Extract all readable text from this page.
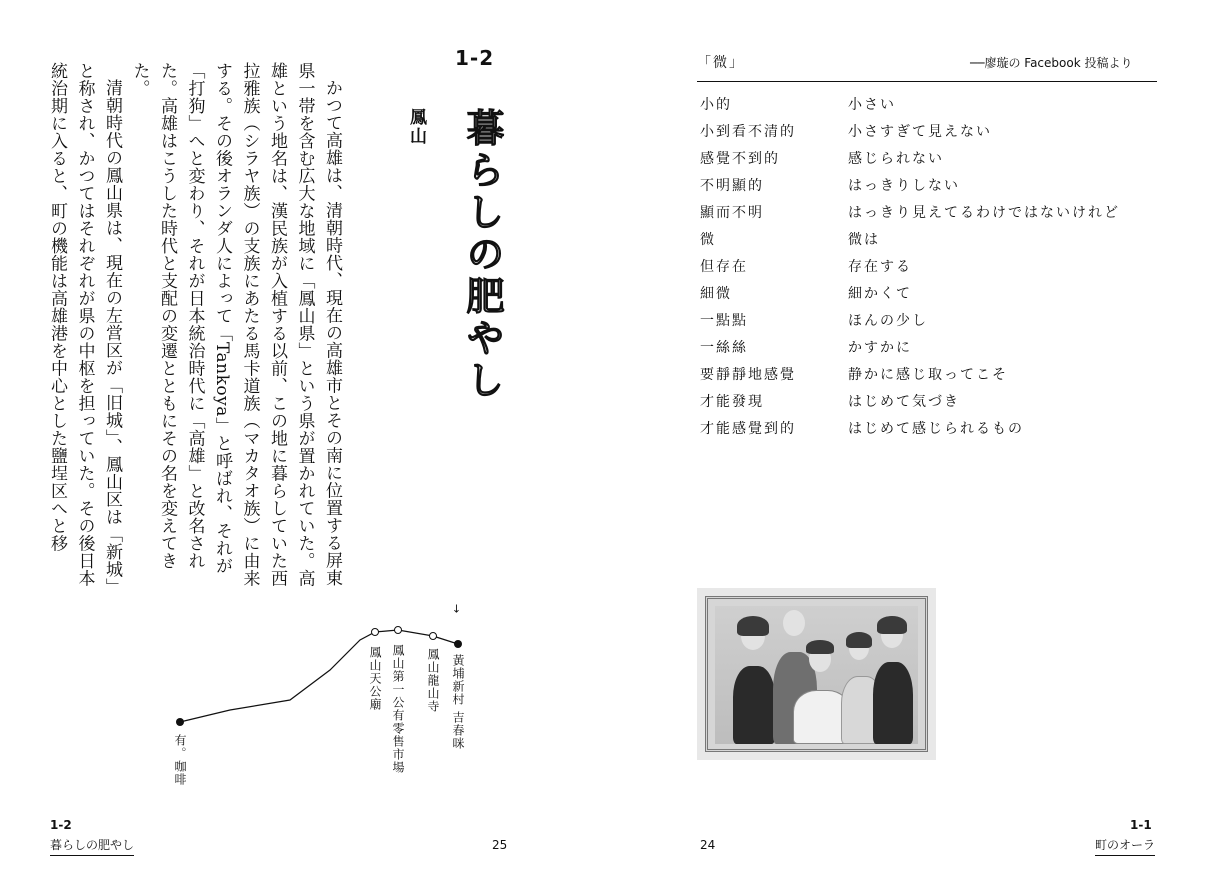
かつて高雄は、清朝時代、現在の高雄市とその南に位置する屏東県一帯を含む広大な地域に「鳳山県」という県が置かれていた。高雄という地名は、漢民族が入植する以前、この地に暮らしていた西拉雅族（シラヤ族）の支族にあたる馬卡道族（マカタオ族）に由来する。その後オランダ人によって「Tankoya」と呼ばれ、それが「打狗」へと変わり、それが日本統治時代に「高雄」と改名された。高雄はこうした時代と支配の変遷とともにその名を変えてきた。

清朝時代の鳳山県は、現在の左営区が「旧城」、鳳山区は「新城」と称され、かつてはそれぞれが県の中枢を担っていた。その後日本統治期に入ると、町の機能は高雄港を中心とした鹽埕区へと移

1-2
暮らしの肥やし
鳳山
→
黃埔新村 吉春咪
鳳山龍山寺
鳳山第一公有零售市場
鳳山天公廟
有。咖啡
1-2
暮らしの肥やし	25
「微」	──廖璇の Facebook 投稿より
小的	小さい
小到看不清的	小さすぎて見えない
感覺不到的	感じられない
不明顯的	はっきりしない
顯而不明	はっきり見えてるわけではないけれど
微	微は
但存在	存在する
細微	細かくて
一點點	ほんの少し
一絲絲	かすかに
要靜靜地感覺	静かに感じ取ってこそ
才能發現	はじめて気づき
才能感覺到的	はじめて感じられるもの
24
1-1
町のオーラ
